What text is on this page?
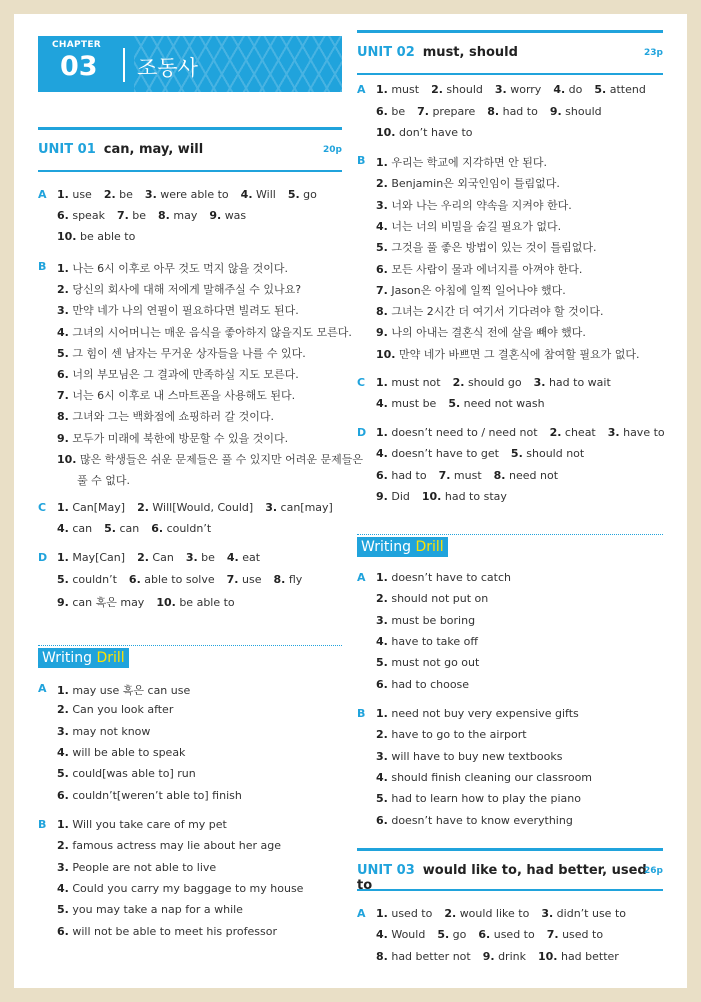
CHAPTER
03 조동사
UNIT 01 can, may, will	20p
A 1. use 2. be 3. were able to 4. Will 5. go
6. speak 7. be 8. may 9. was
10. be able to
B 1. 나는 6시 이후로 아무 것도 먹지 않을 것이다.
2. 당신의 회사에 대해 저에게 말해주실 수 있나요?
3. 만약 네가 나의 연필이 필요하다면 빌려도 된다.
4. 그녀의 시어머니는 매운 음식을 좋아하지 않을지도 모른다.
5. 그 힘이 센 남자는 무거운 상자들을 나를 수 있다.
6. 너의 부모님은 그 결과에 만족하실 지도 모른다.
7. 너는 6시 이후로 내 스마트폰을 사용해도 된다.
8. 그녀와 그는 백화점에 쇼핑하러 갈 것이다.
9. 모두가 미래에 북한에 방문할 수 있을 것이다.
10. 많은 학생들은 쉬운 문제들은 풀 수 있지만 어려운 문제들은
풀 수 없다.
C 1. Can[May] 2. Will[Would, Could] 3. can[may]
4. can 5. can 6. couldn’t
D 1. May[Can] 2. Can 3. be 4. eat
5. couldn’t 6. able to solve 7. use 8. fly
9. can 혹은 may 10. be able to
Writing Drill
A 1. may use 혹은 can use
2. Can you look after
3. may not know
4. will be able to speak
5. could[was able to] run
6. couldn’t[weren’t able to] finish
B 1. Will you take care of my pet
2. famous actress may lie about her age
3. People are not able to live
4. Could you carry my baggage to my house
5. you may take a nap for a while
6. will not be able to meet his professor
UNIT 02 must, should	23p
A 1. must 2. should 3. worry 4. do 5. attend
6. be 7. prepare 8. had to 9. should
10. don’t have to
B 1. 우리는 학교에 지각하면 안 된다.
2. Benjamin은 외국인임이 틀림없다.
3. 너와 나는 우리의 약속을 지켜야 한다.
4. 너는 너의 비밀을 숨길 필요가 없다.
5. 그것을 풀 좋은 방법이 있는 것이 틀림없다.
6. 모든 사람이 물과 에너지를 아껴야 한다.
7. Jason은 아침에 일찍 일어나야 했다.
8. 그녀는 2시간 더 여기서 기다려야 할 것이다.
9. 나의 아내는 결혼식 전에 살을 빼야 했다.
10. 만약 네가 바쁘면 그 결혼식에 참여할 필요가 없다.
C 1. must not 2. should go 3. had to wait
4. must be 5. need not wash
D 1. doesn’t need to / need not 2. cheat 3. have to
4. doesn’t have to get 5. should not
6. had to 7. must 8. need not
9. Did 10. had to stay
Writing Drill
A 1. doesn’t have to catch
2. should not put on
3. must be boring
4. have to take off
5. must not go out
6. had to choose
B 1. need not buy very expensive gifts
2. have to go to the airport
3. will have to buy new textbooks
4. should finish cleaning our classroom
5. had to learn how to play the piano
6. doesn’t have to know everything
UNIT 03 would like to, had better, used to
26p
A 1. used to 2. would like to 3. didn’t use to
4. Would 5. go 6. used to 7. used to
8. had better not 9. drink 10. had better
